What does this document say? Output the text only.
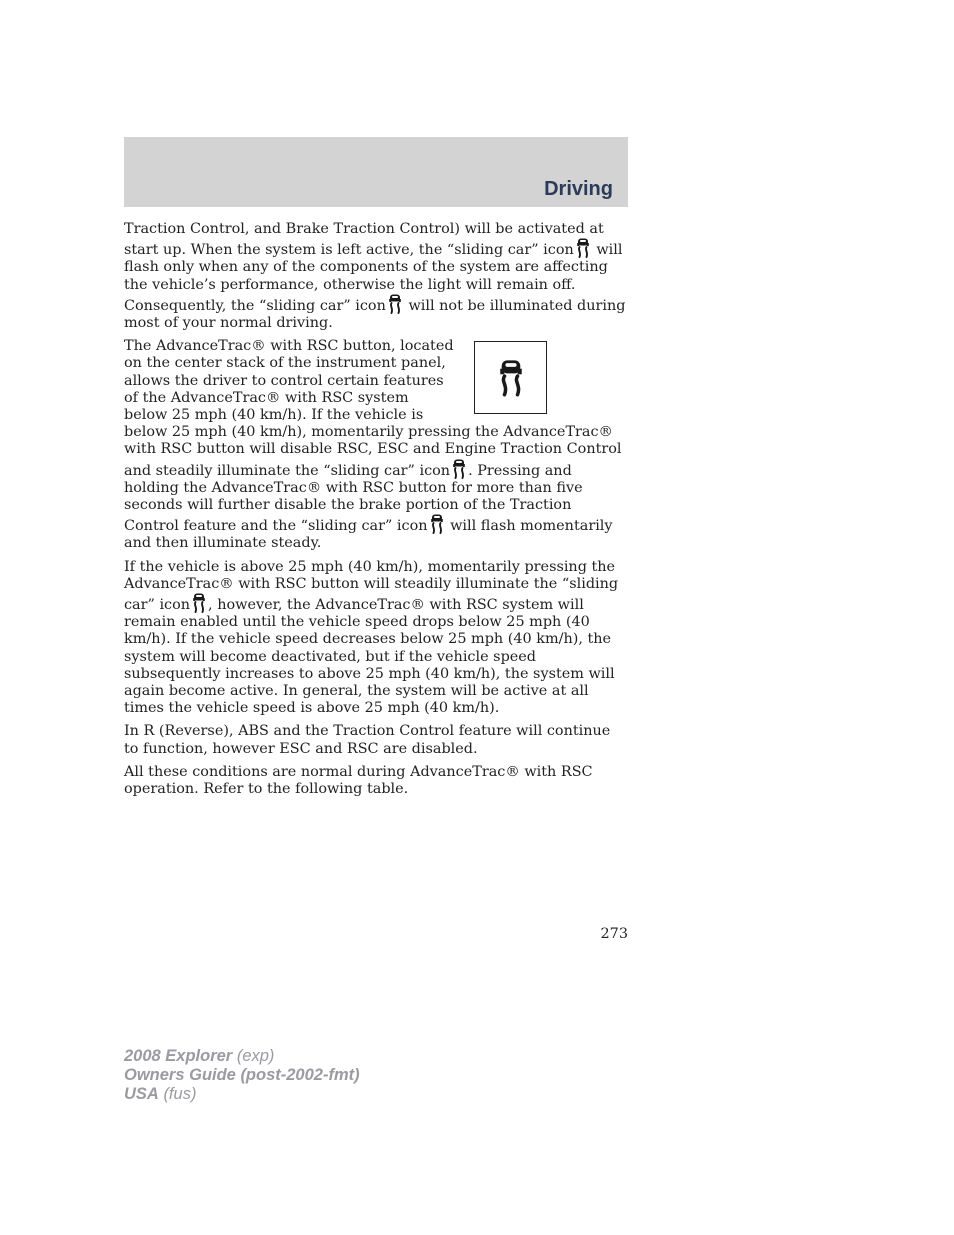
Driving

Traction Control, and Brake Traction Control) will be activated at start up. When the system is left active, the “sliding car” icon will flash only when any of the components of the system are affecting the vehicle’s performance, otherwise the light will remain off. Consequently, the “sliding car” icon will not be illuminated during most of your normal driving.

The AdvanceTrac® with RSC button, located on the center stack of the instrument panel, allows the driver to control certain features of the AdvanceTrac® with RSC system below 25 mph (40 km/h). If the vehicle is below 25 mph (40 km/h), momentarily pressing the AdvanceTrac® with RSC button will disable RSC, ESC and Engine Traction Control and steadily illuminate the “sliding car” icon . Pressing and holding the AdvanceTrac® with RSC button for more than five seconds will further disable the brake portion of the Traction Control feature and the “sliding car” icon will flash momentarily and then illuminate steady.

If the vehicle is above 25 mph (40 km/h), momentarily pressing the AdvanceTrac® with RSC button will steadily illuminate the “sliding car” icon , however, the AdvanceTrac® with RSC system will remain enabled until the vehicle speed drops below 25 mph (40 km/h). If the vehicle speed decreases below 25 mph (40 km/h), the system will become deactivated, but if the vehicle speed subsequently increases to above 25 mph (40 km/h), the system will again become active. In general, the system will be active at all times the vehicle speed is above 25 mph (40 km/h).

In R (Reverse), ABS and the Traction Control feature will continue to function, however ESC and RSC are disabled.

All these conditions are normal during AdvanceTrac® with RSC operation. Refer to the following table.

273
2008 Explorer (exp)
Owners Guide (post-2002-fmt)
USA (fus)
